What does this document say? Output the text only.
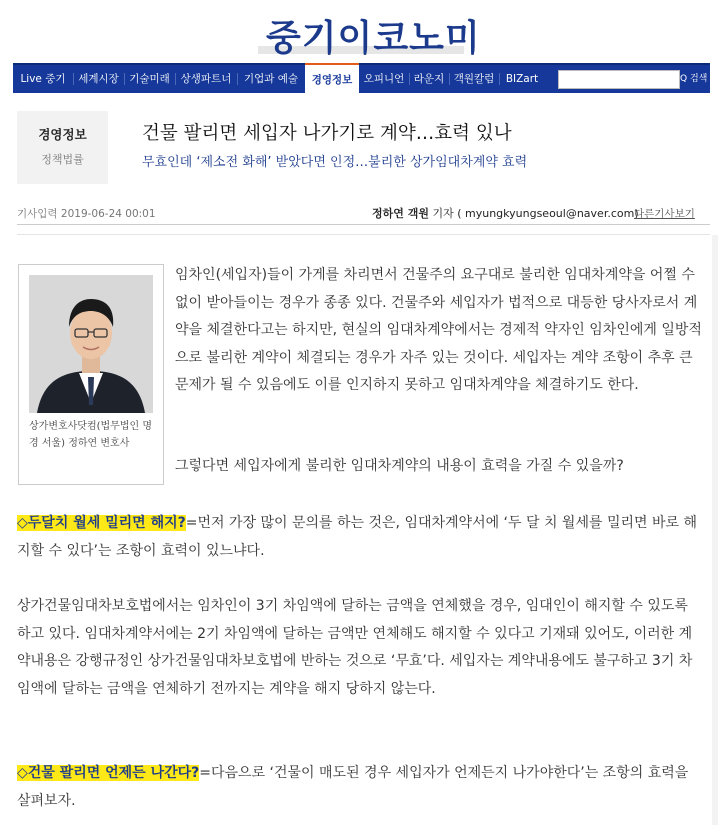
중기이코노미
Live 중기	세계시장 기술미래	상생파트너	기업과 예술	경영정보	오피니언 라운지 객원칼럼	BIZart	Q 검색
경영정보
정책법률
건물 팔리면 세입자 나가기로 계약…효력 있나
무효인데 ‘제소전 화해’ 받았다면 인정…불리한 상가임대차계약 효력
기사입력 2019-06-24 00:01	정하연 객원 기자 ( myungkyungseoul@naver.com)
다른기사보기
상가변호사닷컴(법무법인 명경 서울) 정하연 변호사
임차인(세입자)들이 가게를 차리면서 건물주의 요구대로 불리한 임대차계약을 어쩔 수 없이 받아들이는 경우가 종종 있다. 건물주와 세입자가 법적으로 대등한 당사자로서 계약을 체결한다고는 하지만, 현실의 임대차계약에서는 경제적 약자인 임차인에게 일방적으로 불리한 계약이 체결되는 경우가 자주 있는 것이다. 세입자는 계약 조항이 추후 큰 문제가 될 수 있음에도 이를 인지하지 못하고 임대차계약을 체결하기도 한다.
그렇다면 세입자에게 불리한 임대차계약의 내용이 효력을 가질 수 있을까?
◇두달치 월세 밀리면 해지?=먼저 가장 많이 문의를 하는 것은, 임대차계약서에 ‘두 달 치 월세를 밀리면 바로 해지할 수 있다’는 조항이 효력이 있느냐다.
상가건물임대차보호법에서는 임차인이 3기 차임액에 달하는 금액을 연체했을 경우, 임대인이 해지할 수 있도록 하고 있다. 임대차계약서에는 2기 차임액에 달하는 금액만 연체해도 해지할 수 있다고 기재돼 있어도, 이러한 계약내용은 강행규정인 상가건물임대차보호법에 반하는 것으로 ‘무효’다. 세입자는 계약내용에도 불구하고 3기 차임액에 달하는 금액을 연체하기 전까지는 계약을 해지 당하지 않는다.
◇건물 팔리면 언제든 나간다?=다음으로 ‘건물이 매도된 경우 세입자가 언제든지 나가야한다’는 조항의 효력을 살펴보자.
